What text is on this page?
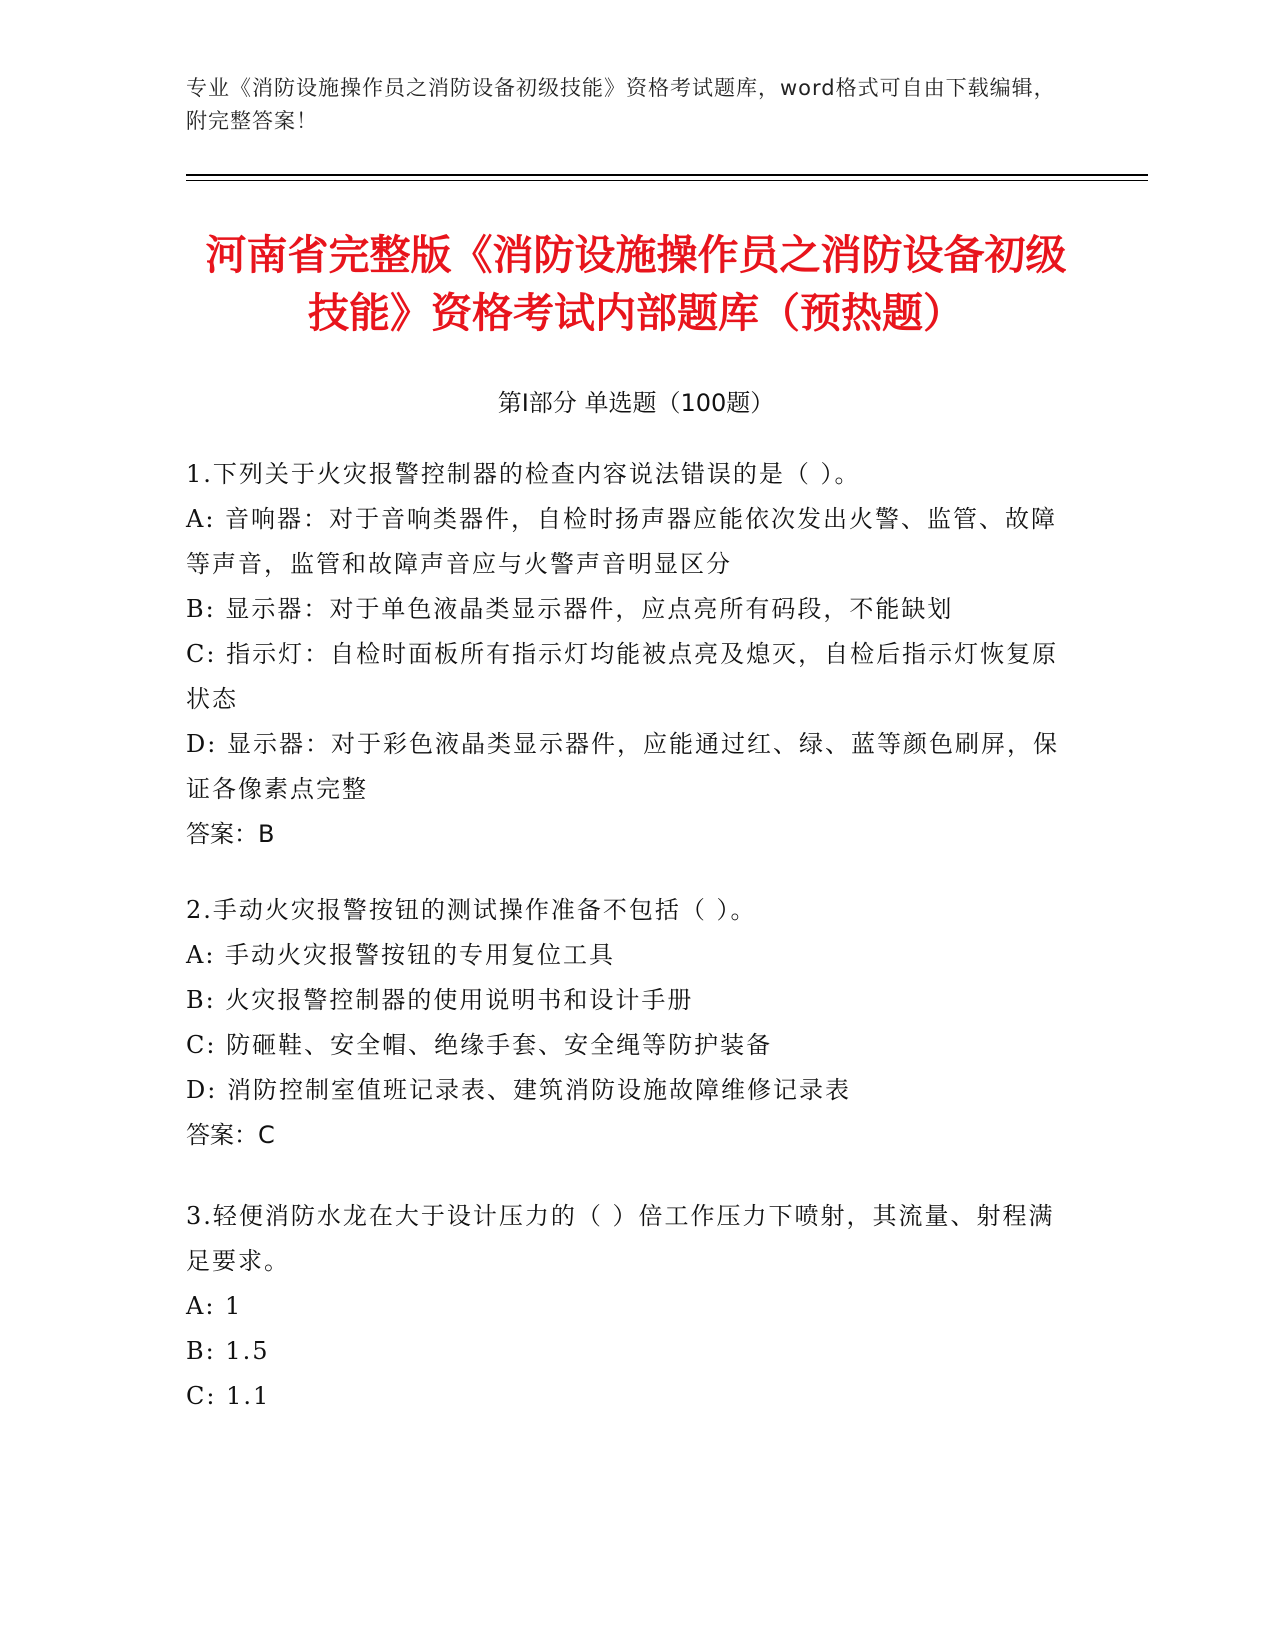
专业《消防设施操作员之消防设备初级技能》资格考试题库，word格式可自由下载编辑，附完整答案！
河南省完整版《消防设施操作员之消防设备初级技能》资格考试内部题库（预热题）
第Ⅰ部分 单选题（100题）

1.下列关于火灾报警控制器的检查内容说法错误的是（ ）。

A: 音响器：对于音响类器件，自检时扬声器应能依次发出火警、监管、故障等声音，监管和故障声音应与火警声音明显区分

B: 显示器：对于单色液晶类显示器件，应点亮所有码段，不能缺划

C: 指示灯：自检时面板所有指示灯均能被点亮及熄灭，自检后指示灯恢复原状态

D: 显示器：对于彩色液晶类显示器件，应能通过红、绿、蓝等颜色刷屏，保证各像素点完整

答案：B

2.手动火灾报警按钮的测试操作准备不包括（ ）。

A: 手动火灾报警按钮的专用复位工具

B: 火灾报警控制器的使用说明书和设计手册

C: 防砸鞋、安全帽、绝缘手套、安全绳等防护装备

D: 消防控制室值班记录表、建筑消防设施故障维修记录表

答案：C

3.轻便消防水龙在大于设计压力的（ ）倍工作压力下喷射，其流量、射程满足要求。

A: 1

B: 1.5

C: 1.1
